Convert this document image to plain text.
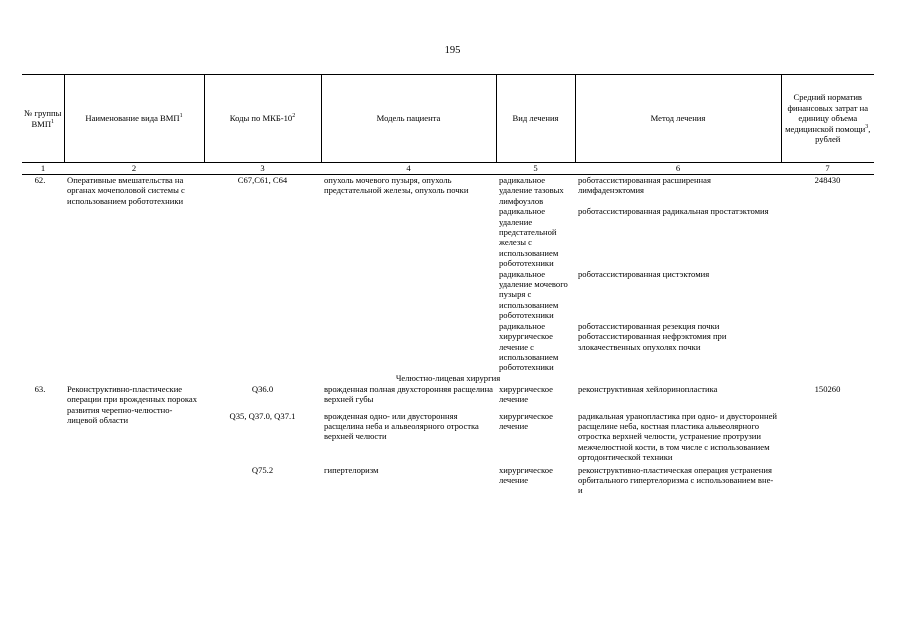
195
№ группы ВМП$^1$	Наименование вида ВМП$^1$	Коды по МКБ-$10^2$	Модель пациента	Вид лечения	Метод лечения	Средний норматив финансовых затрат на единицу объема медицинской помощи$^3$, рублей
1	2	3	4	5	6	7
62.	Оперативные вмешательства на органах мочеполовой системы с использованием робототехники	C67,C61, C64	опухоль мочевого пузыря, опухоль предстательной железы, опухоль почки	радикальное удаление тазовых лимфоузлов	роботассистированная расширенная лимфаденэктомия	248430
				радикальное удаление предстательной железы с использованием робототехники	роботассистированная радикальная простатэктомия	
				радикальное удаление мочевого пузыря с использованием робототехники	роботассистированная цистэктомия	
				радикальное хирургическое лечение с использованием робототехники	роботассистированная резекция почки роботассистированная нефрэктомия при злокачественных опухолях почки	
Челюстно-лицевая хирургия						
63.	Реконструктивно-пластические операции при врожденных пороках развития черепно-челюстно-лицевой области	Q36.0	врожденная полная двухсторонняя расщелина верхней губы	хирургическое лечение	реконструктивная хейлоринопластика	150260
		Q35, Q37.0, Q37.1	врожденная одно- или двусторонняя расщелина неба и альвеолярного отростка верхней челюсти	хирургическое лечение	радикальная уранопластика при одно- и двусторонней расщелине неба, костная пластика альвеолярного отростка верхней челюсти, устранение протрузии межчелюстной кости, в том числе с использованием ортодонтической техники	
		Q75.2	гипертелоризм	хирургическое лечение	реконструктивно-пластическая операция устранения орбитального гипертелоризма с использованием вне- и	
